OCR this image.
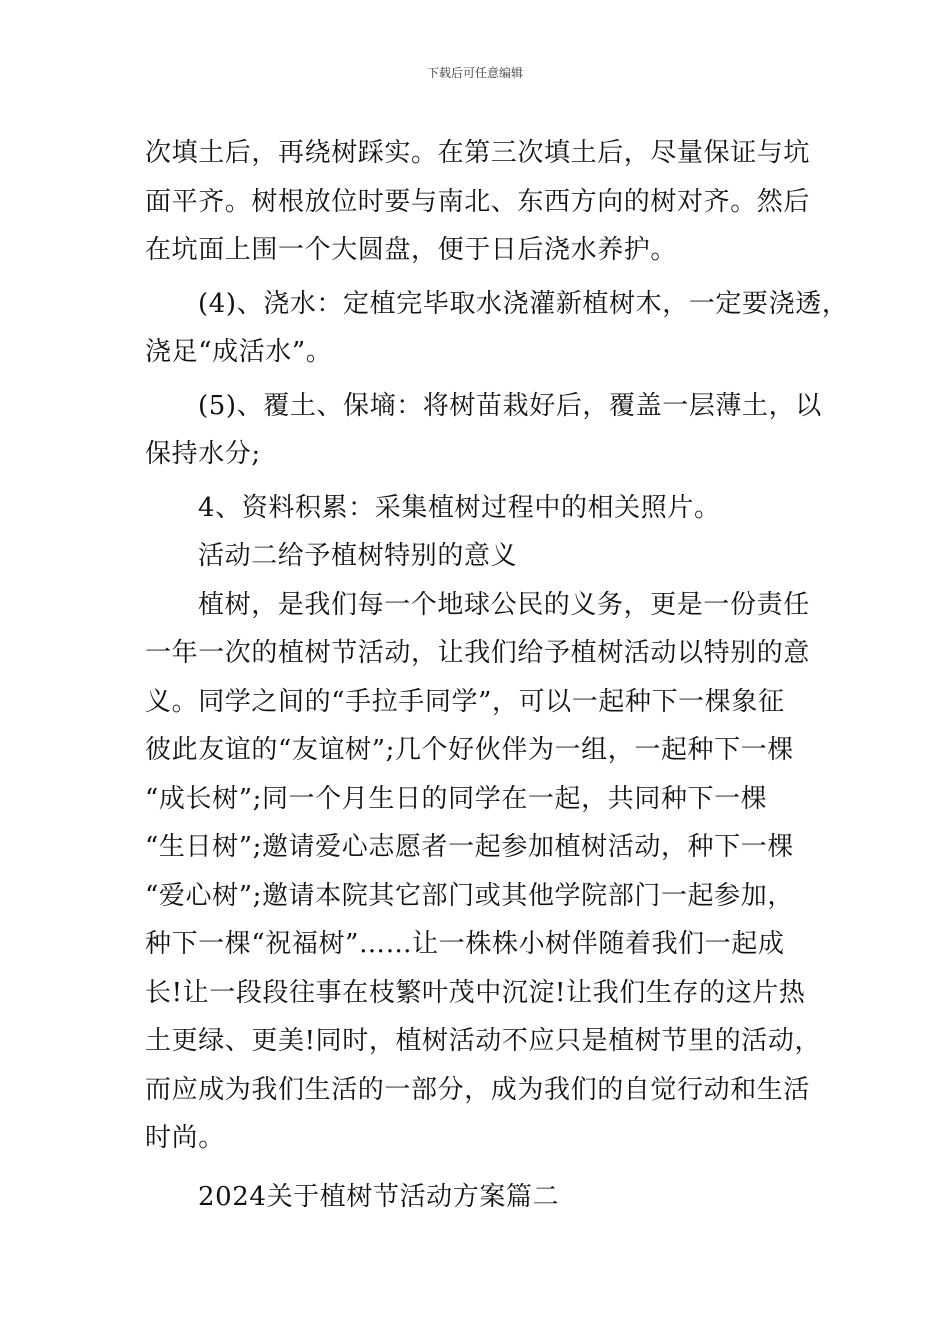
下载后可任意编辑

次填土后，再绕树踩实。在第三次填土后，尽量保证与坑
面平齐。树根放位时要与南北、东西方向的树对齐。然后
在坑面上围一个大圆盘，便于日后浇水养护。

(4)、浇水：定植完毕取水浇灌新植树木，一定要浇透，
浇足“成活水”。

(5)、覆土、保墒：将树苗栽好后，覆盖一层薄土，以
保持水分;

4、资料积累：采集植树过程中的相关照片。

活动二给予植树特别的意义

植树，是我们每一个地球公民的义务，更是一份责任
一年一次的植树节活动，让我们给予植树活动以特别的意
义。同学之间的“手拉手同学”，可以一起种下一棵象征
彼此友谊的“友谊树”;几个好伙伴为一组，一起种下一棵
“成长树”;同一个月生日的同学在一起，共同种下一棵
“生日树”;邀请爱心志愿者一起参加植树活动，种下一棵
“爱心树”;邀请本院其它部门或其他学院部门一起参加，
种下一棵“祝福树”……让一株株小树伴随着我们一起成
长!让一段段往事在枝繁叶茂中沉淀!让我们生存的这片热
土更绿、更美!同时，植树活动不应只是植树节里的活动，
而应成为我们生活的一部分，成为我们的自觉行动和生活
时尚。

2024关于植树节活动方案篇二
